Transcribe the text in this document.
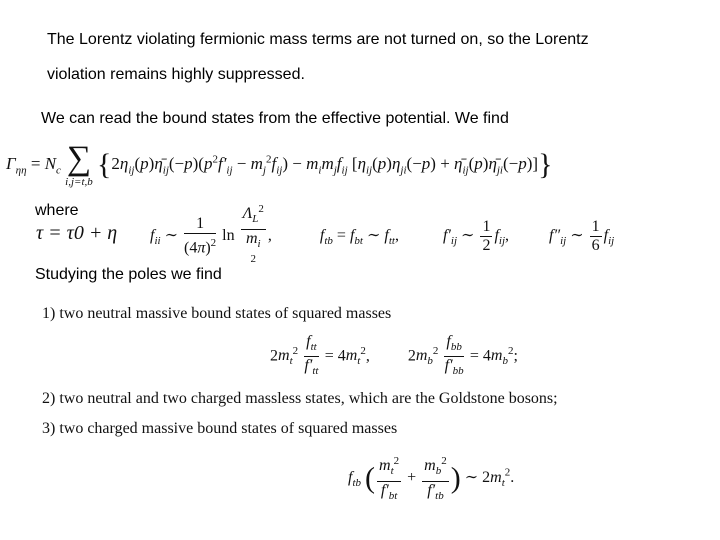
The Lorentz violating fermionic mass terms are not turned on, so the Lorentz
violation remains highly suppressed.
We can read the bound states from the effective potential. We find
$\Gamma_{\eta\eta} = N_c$ ∑
i,j=t,b
{$2\eta_{ij}(p)\etā_{ij}(-p)(p^2f'_{ij} - m_j^2f_{ij}) - m_im_jf_{ij}$ [$\eta_{ij}(p)\eta_{ji}(-p)$ + $\etā_{ij}(p)\etā_{ji}(-p)$]}
where
τ = τ0 + η $f_{ii}$ ∼ $\frac{1}{(4\pi)^2}$ ln
$\Lambda_L^2$
$m_i$
$^2$,	$f_{tb} = f_{bt}$ ∼ $f_{tt}$,	$f'_{ij}$ ∼ $\frac{1}{2} f_{ij}$,  $f''_{ij}$ ∼ $\frac{1}{6} f_{ij}$
Studying the poles we find
1) two neutral massive bound states of squared masses
$2m_t^2 \frac{f_{tt}}{f'_{tt}} = 4m_t^2$,  $2m_b^2 \frac{f_{bb}}{f'_{bb}} = 4m_b^2$;
2) two neutral and two charged massless states, which are the Goldstone bosons;
3) two charged massive bound states of squared masses
$f_{tb}$ ( $\frac{m_t^2}{f'_{bt}} + \frac{m_b^2}{f'_{tb}}$ ) ∼ $2m_t^2$.
